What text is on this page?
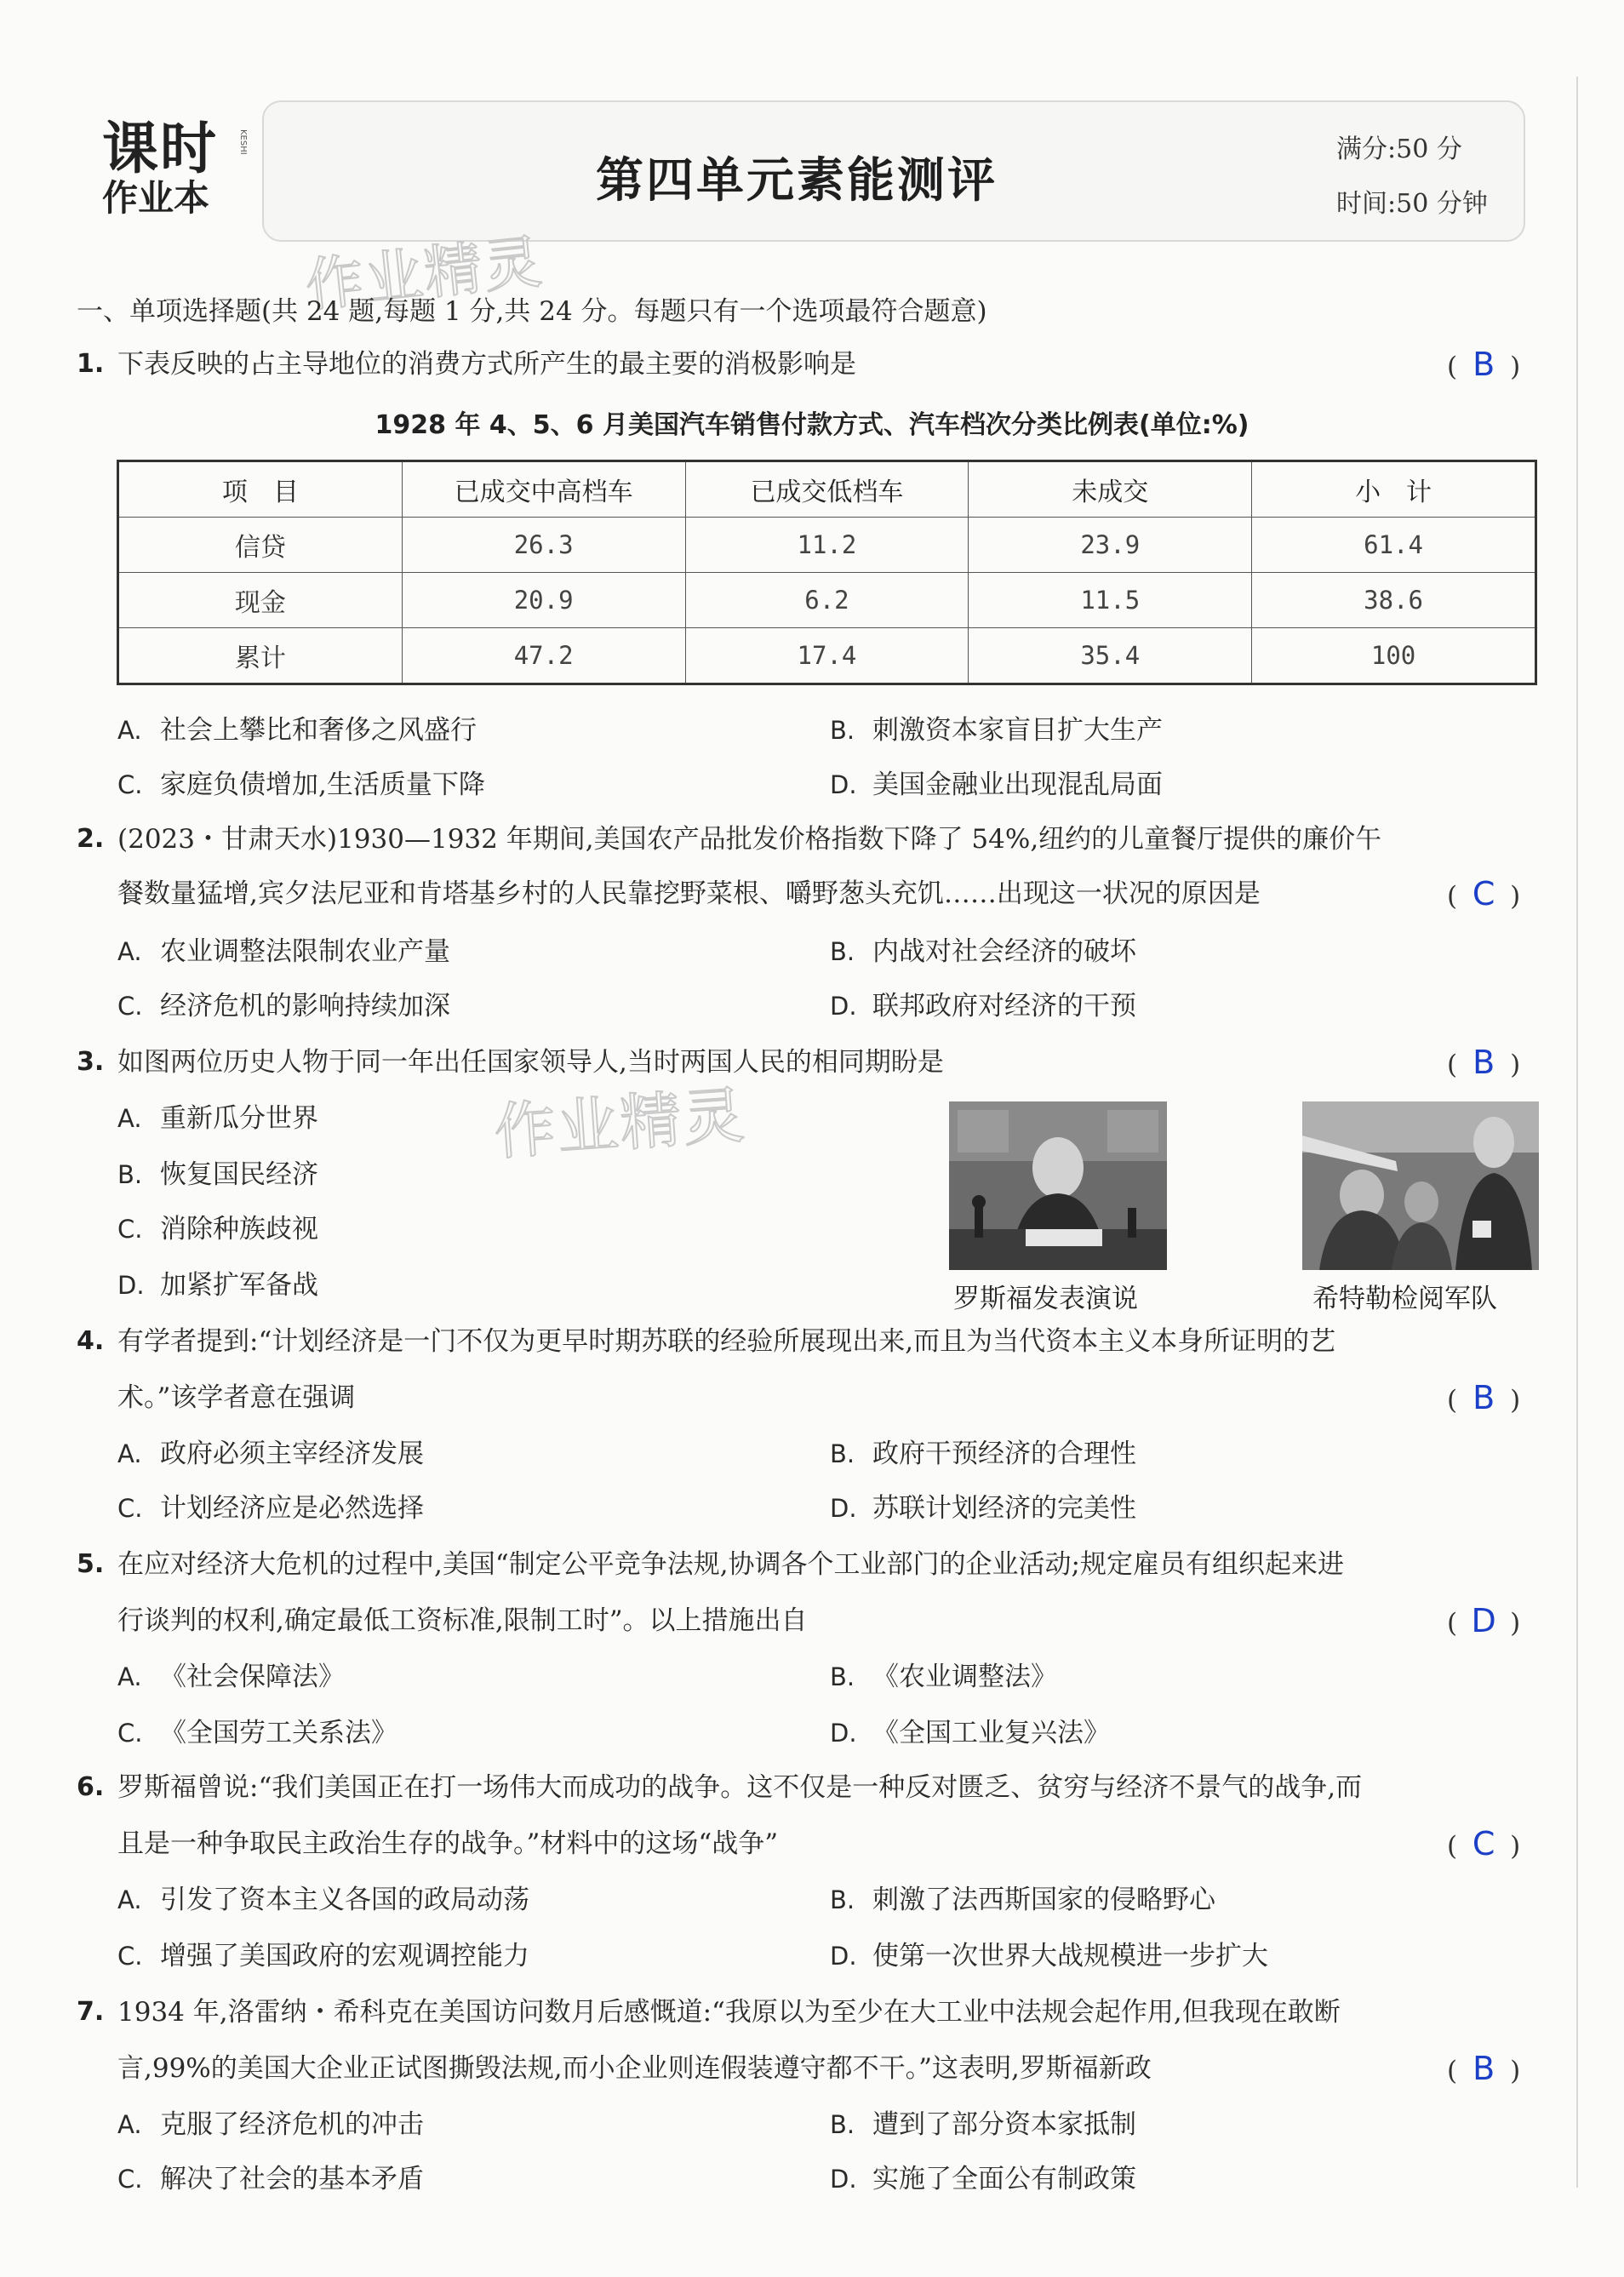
课时
作业本
KESHI
第四单元素能测评
满分:50 分
时间:50 分钟
作业精灵
作业精灵
一、单项选择题(共 24 题,每题 1 分,共 24 分。每题只有一个选项最符合题意)
1. 下表反映的占主导地位的消费方式所产生的最主要的消极影响是	( B )
1928 年 4、5、6 月美国汽车销售付款方式、汽车档次分类比例表(单位:%)
项　目	已成交中高档车	已成交低档车	未成交	小　计
信贷	26.3	11.2	23.9	61.4
现金	20.9	6.2	11.5	38.6
累计	47.2	17.4	35.4	100
A. 社会上攀比和奢侈之风盛行	B. 刺激资本家盲目扩大生产
C. 家庭负债增加,生活质量下降	D. 美国金融业出现混乱局面
2. (2023・甘肃天水)1930—1932 年期间,美国农产品批发价格指数下降了 54%,纽约的儿童餐厅提供的廉价午
餐数量猛增,宾夕法尼亚和肯塔基乡村的人民靠挖野菜根、嚼野葱头充饥……出现这一状况的原因是	( C )
A. 农业调整法限制农业产量	B. 内战对社会经济的破坏
C. 经济危机的影响持续加深	D. 联邦政府对经济的干预
3. 如图两位历史人物于同一年出任国家领导人,当时两国人民的相同期盼是	( B )
A. 重新瓜分世界
B. 恢复国民经济
C. 消除种族歧视
D. 加紧扩军备战	罗斯福发表演说	希特勒检阅军队
4. 有学者提到:“计划经济是一门不仅为更早时期苏联的经验所展现出来,而且为当代资本主义本身所证明的艺
术。”该学者意在强调	( B )
A. 政府必须主宰经济发展	B. 政府干预经济的合理性
C. 计划经济应是必然选择	D. 苏联计划经济的完美性
5. 在应对经济大危机的过程中,美国“制定公平竞争法规,协调各个工业部门的企业活动;规定雇员有组织起来进
行谈判的权利,确定最低工资标准,限制工时”。以上措施出自	( D )
A. 《社会保障法》	B. 《农业调整法》
C. 《全国劳工关系法》	D. 《全国工业复兴法》
6. 罗斯福曾说:“我们美国正在打一场伟大而成功的战争。这不仅是一种反对匮乏、贫穷与经济不景气的战争,而
且是一种争取民主政治生存的战争。”材料中的这场“战争”	( C )
A. 引发了资本主义各国的政局动荡	B. 刺激了法西斯国家的侵略野心
C. 增强了美国政府的宏观调控能力	D. 使第一次世界大战规模进一步扩大
7. 1934 年,洛雷纳・希科克在美国访问数月后感慨道:“我原以为至少在大工业中法规会起作用,但我现在敢断
言,99%的美国大企业正试图撕毁法规,而小企业则连假装遵守都不干。”这表明,罗斯福新政	( B )
A. 克服了经济危机的冲击	B. 遭到了部分资本家抵制
C. 解决了社会的基本矛盾	D. 实施了全面公有制政策
